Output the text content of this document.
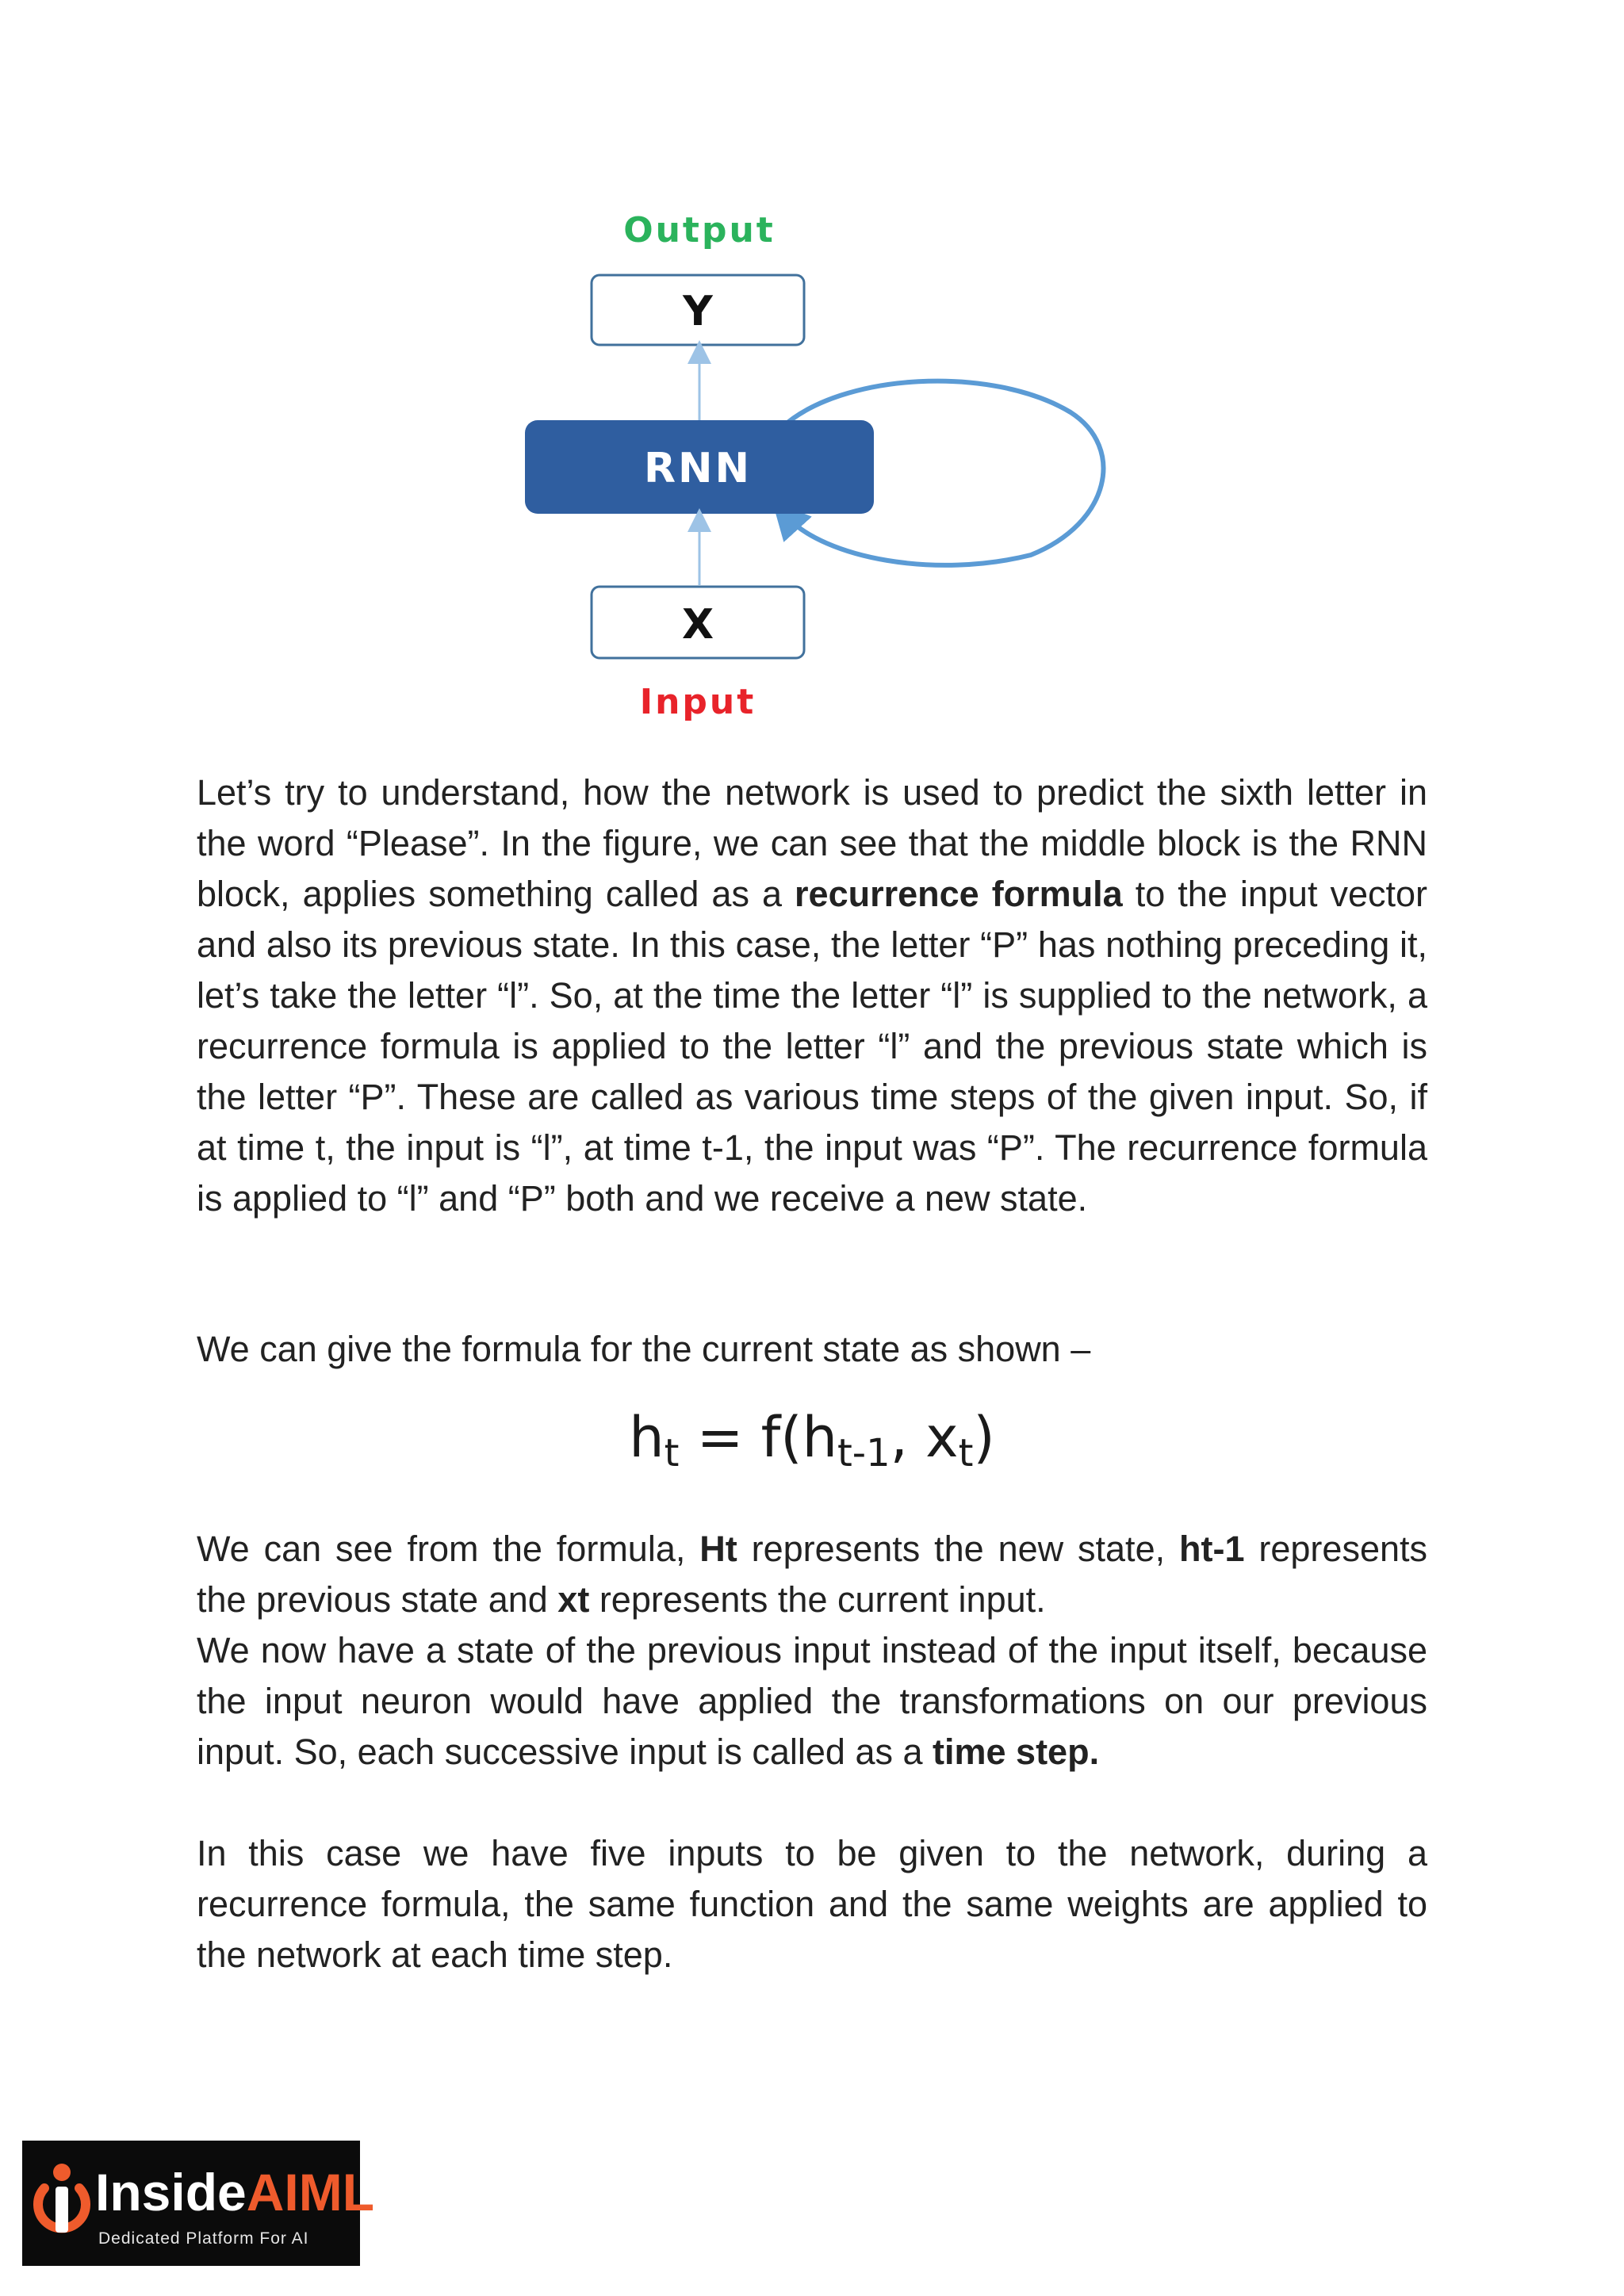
Output
Y
RNN
X
Input

Let’s try to understand, how the network is used to predict the sixth letter in the word “Please”. In the figure, we can see that the middle block is the RNN block, applies something called as a recurrence formula to the input vector and also its previous state. In this case, the letter “P” has nothing preceding it, let’s take the letter “l”. So, at the time the letter “l” is supplied to the network, a recurrence formula is applied to the letter “l” and the previous state which is the letter “P”. These are called as various time steps of the given input. So, if at time t, the input is “l”, at time t-1, the input was “P”. The recurrence formula is applied to “l” and “P” both and we receive a new state.

We can give the formula for the current state as shown –

$h_t = f(h_{t-1}$, $x_t$)

We can see from the formula, Ht represents the new state, ht-1 represents the previous state and xt represents the current input.
We now have a state of the previous input instead of the input itself, because the input neuron would have applied the transformations on our previous input. So, each successive input is called as a time step.

In this case we have five inputs to be given to the network, during a recurrence formula, the same function and the same weights are applied to the network at each time step.

InsideAIML
Dedicated Platform For AI
